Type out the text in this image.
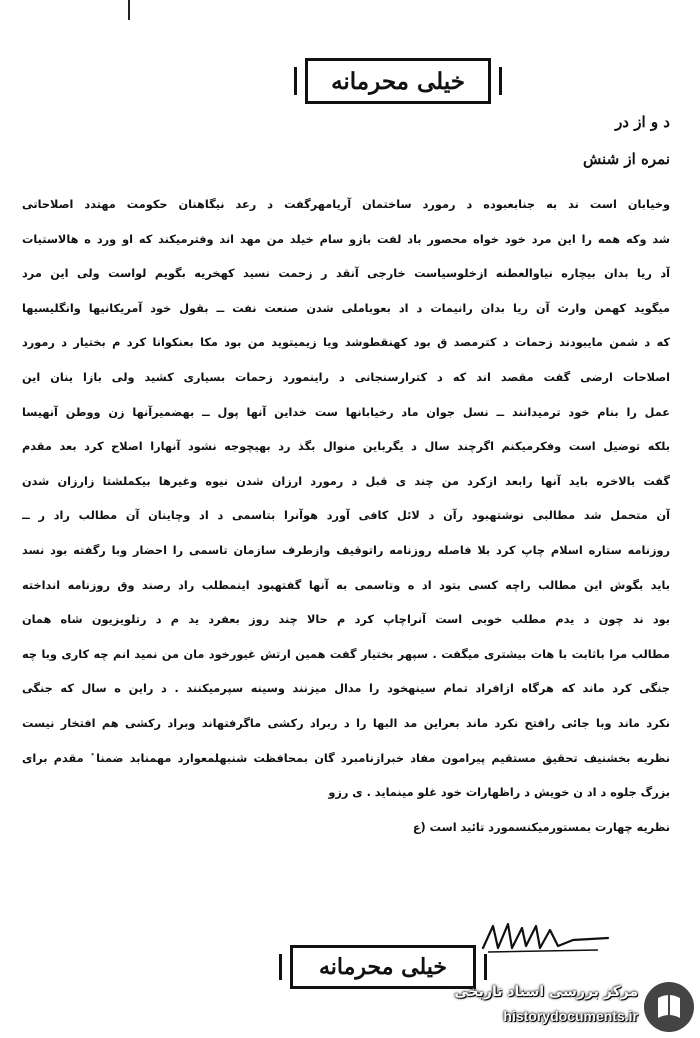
خیلی محرمانه
د و از در
نمره از شنش
وخیابان است ند به جنابعبوده د رمورد ساختمان آریامهرگفت د رعد نیگاهنان حکومت مهتدد اصلاحاتی
شد وکه همه را این مرد خود خواه محصور باد لفت بازو سام خیلد من مهد اند وفترمیکند که او ورد ه هالاستیات
آد ریا بدان بیچاره نیاوالعطنه ازخلوسیاست خارجی آنقد ر زحمت نسید کهخریه بگویم لواست ولی این مرد
میگوید کهمن وارث آن ریا بدان رانیمات د اد بعوباملی شدن صنعت نفت ــ بقول خود آمریکانیها وانگلیسیها
که د شمن مایبودند زحمات د کترمصد ق بود کهنقطوشد ویا زیمیتوید من بود مکا بعنکوانا کرد م بختیار د رمورد
اصلاحات ارضی گفت مقصد اند که د کترارسنجانی د راینمورد زحمات بسیاری کشید ولی بازا ینان این
عمل را بنام خود ترمیدانند ــ نسل جوان ماد رخیابانها ست خداین آنها پول ــ بهضمیرآنها زن ووطن آنهیسا
بلکه توضیل است وفکرمیکنم اگرچند سال د یگرباین منوال بگذ رد بهیچوجه نشود آنهارا اصلاح کرد بعد مقدم
گفت بالاخره باید آنها رابعد ازکرد من چند ی قبل د رمورد ارزان شدن نیوه وغیرها بیکملشتا زارزان شدن
آن متحمل شد مطالبی نوشتهبود رآن د لائل کافی آورد هوآنرا بتاسمی د اد وچاینان آن مطالب راد ر ــ
روزنامه ستاره اسلام چاپ کرد بلا فاصله روزنامه راتوقیف وازطرف سازمان تاسمی را احضار وبا رگفته بود نسد
باید بگوش این مطالب راچه کسی بتود اد ه وتاسمی به آنها گفتهبود اینمطلب راد رصند وق روزنامه انداخته
بود ند چون د یدم مطلب خوبی است آنراچاپ کرد م حالا چند روز بعفرد ید م د رتلویزیون شاه همان
مطالب مرا باثابت با هات بیشتری میگفت . سپهر بختیار گفت همین ارتش غیورخود مان من نمید انم چه کاری وبا چه
جنگی کرد ماند که هرگاه ازافراد تمام سینهخود را مدال میزنند وسینه سپرمیکنند . د راین ه سال که جنگی
نکرد ماند وبا جائی رافتح نکرد ماند بعراین مد البها را د ربراد رکشی ماگرفتهاند وبراد رکشی هم افتخار نیست
نظریه بخشنیف تحقیق مستقیم پیرامون مفاد خبرازنامبرد گان بمحافظت شنبهلمعوارد مهمنابد ضمنا ٔ مقدم برای
بزرگ جلوه د اد ن خویش د راظهارات خود غلو مینماید . ی رزو
نظریه چهارت بمستورمیکنسمورد تائید است (ع
خیلی محرمانه
مرکز بررسی اسناد تاریخی
historydocuments.ir
